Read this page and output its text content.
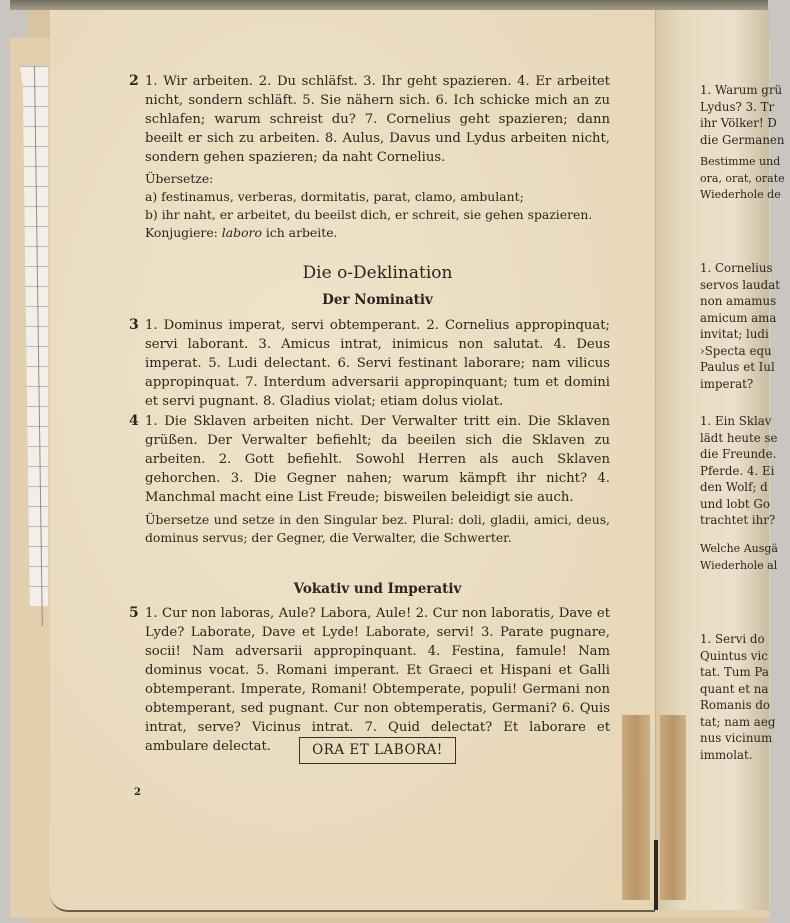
2 1. Wir arbeiten. 2. Du schläfst. 3. Ihr geht spazieren. 4. Er arbeitet nicht, sondern schläft. 5. Sie nähern sich. 6. Ich schicke mich an zu schlafen; warum schreist du? 7. Cornelius geht spazieren; dann beeilt er sich zu arbeiten. 8. Aulus, Davus und Lydus arbeiten nicht, sondern gehen spazieren; da naht Cornelius.
Übersetze:
a) festinamus, verberas, dormitatis, parat, clamo, ambulant;
b) ihr naht, er arbeitet, du beeilst dich, er schreit, sie gehen spazieren.
Konjugiere: laboro ich arbeite.
Die o-Deklination
Der Nominativ
3 1. Dominus imperat, servi obtemperant. 2. Cornelius appropinquat; servi laborant. 3. Amicus intrat, inimicus non salutat. 4. Deus imperat. 5. Ludi delectant. 6. Servi festinant laborare; nam vilicus appropinquat. 7. Interdum adversarii appropinquant; tum et domini et servi pugnant. 8. Gladius violat; etiam dolus violat.
4 1. Die Sklaven arbeiten nicht. Der Verwalter tritt ein. Die Sklaven grüßen. Der Verwalter befiehlt; da beeilen sich die Sklaven zu arbeiten. 2. Gott befiehlt. Sowohl Herren als auch Sklaven gehorchen. 3. Die Gegner nahen; warum kämpft ihr nicht? 4. Manchmal macht eine List Freude; bisweilen beleidigt sie auch.
Übersetze und setze in den Singular bez. Plural: doli, gladii, amici, deus, dominus servus; der Gegner, die Verwalter, die Schwerter.
Vokativ und Imperativ
5 1. Cur non laboras, Aule? Labora, Aule! 2. Cur non laboratis, Dave et Lyde? Laborate, Dave et Lyde! Laborate, servi! 3. Parate pugnare, socii! Nam adversarii appropinquant. 4. Festina, famule! Nam dominus vocat. 5. Romani imperant. Et Graeci et Hispani et Galli obtemperant. Imperate, Romani! Obtemperate, populi! Germani non obtemperant, sed pugnant. Cur non obtemperatis, Germani? 6. Quis intrat, serve? Vicinus intrat. 7. Quid delectat? Et laborare et ambulare delectat.	ORA ET LABORA!
2
1. Warum grü
Lydus? 3. Tr
ihr Völker! D
die Germanen
Bestimme und
ora, orat, orate
Wiederhole de
1. Cornelius
servos laudat
non amamus
amicum ama
invitat; ludi
›Specta equ
Paulus et Iul
imperat?
1. Ein Sklav
lädt heute se
die Freunde.
Pferde. 4. Ei
den Wolf; d
und lobt Go
trachtet ihr?
Welche Ausgä
Wiederhole al
1. Servi do
Quintus vic
tat. Tum Pa
quant et na
Romanis do
tat; nam aeg
nus vicinum
immolat.
